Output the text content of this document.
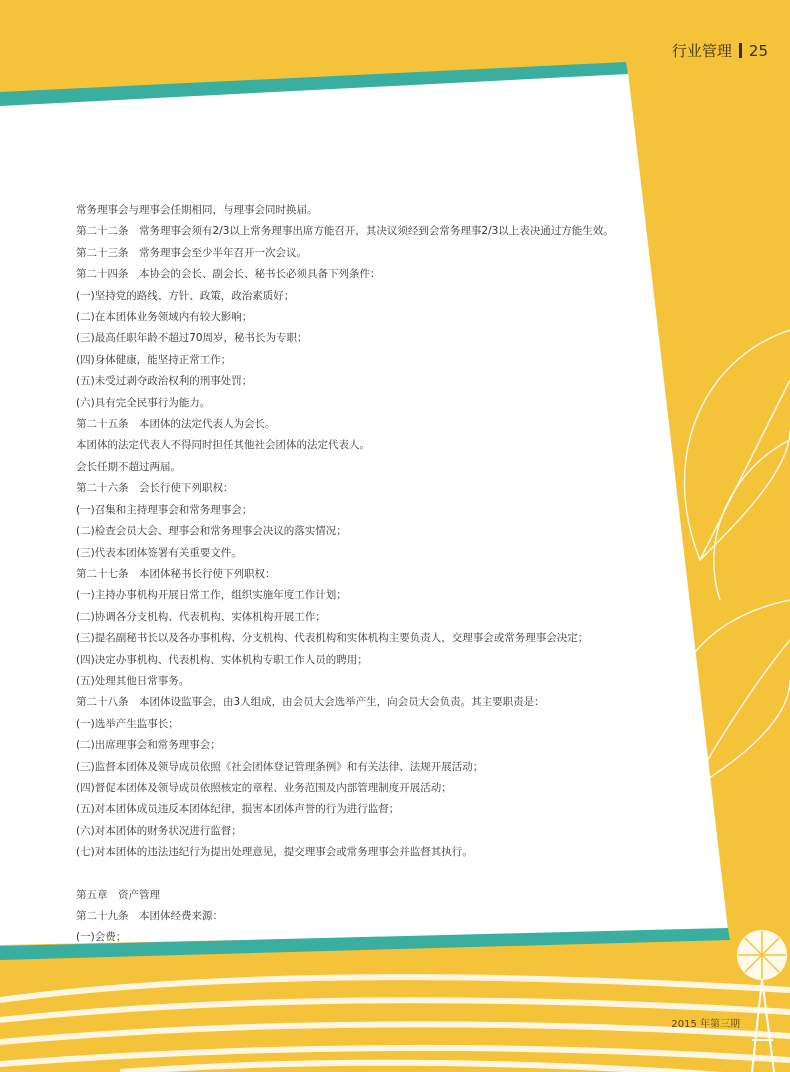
行业管理 25
常务理事会与理事会任期相同，与理事会同时换届。
第二十二条　常务理事会须有2/3以上常务理事出席方能召开，其决议须经到会常务理事2/3以上表决通过方能生效。
第二十三条　常务理事会至少半年召开一次会议。
第二十四条　本协会的会长、副会长、秘书长必须具备下列条件：
(一)坚持党的路线、方针、政策，政治素质好；
(二)在本团体业务领域内有较大影响；
(三)最高任职年龄不超过70周岁，秘书长为专职；
(四)身体健康，能坚持正常工作；
(五)未受过剥夺政治权利的刑事处罚；
(六)具有完全民事行为能力。
第二十五条　本团体的法定代表人为会长。
本团体的法定代表人不得同时担任其他社会团体的法定代表人。
会长任期不超过两届。
第二十六条　会长行使下列职权：
(一)召集和主持理事会和常务理事会；
(二)检查会员大会、理事会和常务理事会决议的落实情况；
(三)代表本团体签署有关重要文件。
第二十七条　本团体秘书长行使下列职权：
(一)主持办事机构开展日常工作，组织实施年度工作计划；
(二)协调各分支机构、代表机构、实体机构开展工作；
(三)提名副秘书长以及各办事机构、分支机构、代表机构和实体机构主要负责人，交理事会或常务理事会决定；
(四)决定办事机构、代表机构、实体机构专职工作人员的聘用；
(五)处理其他日常事务。
第二十八条　本团体设监事会，由3人组成，由会员大会选举产生，向会员大会负责。其主要职责是：
(一)选举产生监事长；
(二)出席理事会和常务理事会；
(三)监督本团体及领导成员依照《社会团体登记管理条例》和有关法律、法规开展活动；
(四)督促本团体及领导成员依照核定的章程、业务范围及内部管理制度开展活动；
(五)对本团体成员违反本团体纪律，损害本团体声誉的行为进行监督；
(六)对本团体的财务状况进行监督；
(七)对本团体的违法违纪行为提出处理意见，提交理事会或常务理事会并监督其执行。
第五章　资产管理
第二十九条　本团体经费来源：
(一)会费；
2015 年第三期
